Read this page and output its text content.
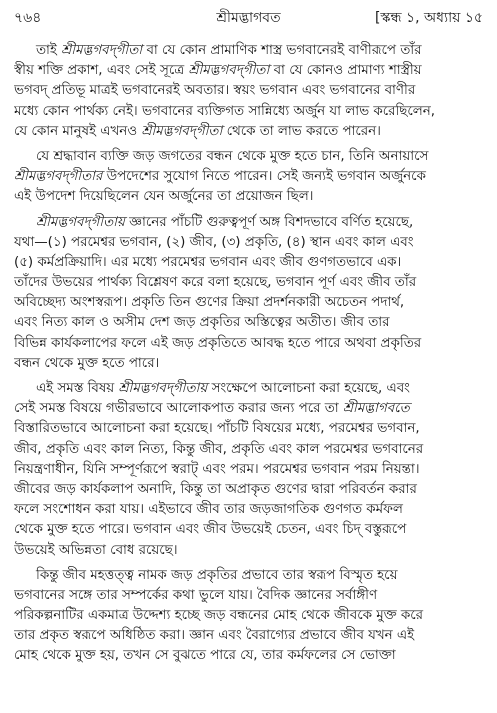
৭৬৪	শ্রীমদ্ভাগবত	[স্কন্ধ ১, অধ্যায় ১৫
তাই শ্রীমদ্ভগবদ্‌গীতা বা যে কোন প্রামাণিক শাস্ত্র ভগবানেরই বাণীরূপে তাঁর
স্বীয় শক্তি প্রকাশ, এবং সেই সূত্রে শ্রীমদ্ভগবদ্‌গীতা বা যে কোনও প্রামাণ্য শাস্ত্রীয়
ভগবদ্‌ প্রতিভূ মাত্রই ভগবানেরই অবতার। স্বয়ং ভগবান এবং ভগবানের বাণীর
মধ্যে কোন পার্থক্য নেই। ভগবানের ব্যক্তিগত সান্নিধ্যে অর্জুন যা লাভ করেছিলেন,
যে কোন মানুষই এখনও শ্রীমদ্ভগবদ্‌গীতা থেকে তা লাভ করতে পারেন।
যে শ্রদ্ধাবান ব্যক্তি জড় জগতের বন্ধন থেকে মুক্ত হতে চান, তিনি অনায়াসে
শ্রীমদ্ভগবদ্‌গীতার উপদেশের সুযোগ নিতে পারেন। সেই জন্যই ভগবান অর্জুনকে
এই উপদেশ দিয়েছিলেন যেন অর্জুনের তা প্রয়োজন ছিল।
শ্রীমদ্ভগবদ্‌গীতায় জ্ঞানের পাঁচটি গুরুত্বপূর্ণ অঙ্গ বিশদভাবে বর্ণিত হয়েছে,
যথা—(১) পরমেশ্বর ভগবান, (২) জীব, (৩) প্রকৃতি, (৪) স্থান এবং কাল এবং
(৫) কর্মপ্রক্রিয়াদি। এর মধ্যে পরমেশ্বর ভগবান এবং জীব গুণগতভাবে এক।
তাঁদের উভয়ের পার্থক্য বিশ্লেষণ করে বলা হয়েছে, ভগবান পূর্ণ এবং জীব তাঁর
অবিচ্ছেদ্য অংশস্বরূপ। প্রকৃতি তিন গুণের ক্রিয়া প্রদর্শনকারী অচেতন পদার্থ,
এবং নিত্য কাল ও অসীম দেশ জড় প্রকৃতির অস্তিত্বের অতীত। জীব তার
বিভিন্ন কার্যকলাপের ফলে এই জড় প্রকৃতিতে আবদ্ধ হতে পারে অথবা প্রকৃতির
বন্ধন থেকে মুক্ত হতে পারে।
এই সমস্ত বিষয় শ্রীমদ্ভগবদ্‌গীতায় সংক্ষেপে আলোচনা করা হয়েছে, এবং
সেই সমস্ত বিষয়ে গভীরভাবে আলোকপাত করার জন্য পরে তা শ্রীমদ্ভাগবতে
বিস্তারিতভাবে আলোচনা করা হয়েছে। পাঁচটি বিষয়ের মধ্যে, পরমেশ্বর ভগবান,
জীব, প্রকৃতি এবং কাল নিত্য, কিন্তু জীব, প্রকৃতি এবং কাল পরমেশ্বর ভগবানের
নিয়ন্ত্রণাধীন, যিনি সম্পূর্ণরূপে স্বরাট্‌ এবং পরম। পরমেশ্বর ভগবান পরম নিয়ন্তা।
জীবের জড় কার্যকলাপ অনাদি, কিন্তু তা অপ্রাকৃত গুণের দ্বারা পরিবর্তন করার
ফলে সংশোধন করা যায়। এইভাবে জীব তার জড়জাগতিক গুণগত কর্মফল
থেকে মুক্ত হতে পারে। ভগবান এবং জীব উভয়েই চেতন, এবং চিদ্‌ বস্তুরূপে
উভয়েই অভিন্নতা বোধ রয়েছে।
কিন্তু জীব মহত্তত্ত্ব নামক জড় প্রকৃতির প্রভাবে তার স্বরূপ বিস্মৃত হয়ে
ভগবানের সঙ্গে তার সম্পর্কের কথা ভুলে যায়। বৈদিক জ্ঞানের সর্বাঙ্গীণ
পরিকল্পনাটির একমাত্র উদ্দেশ্য হচ্ছে জড় বন্ধনের মোহ থেকে জীবকে মুক্ত করে
তার প্রকৃত স্বরূপে অধিষ্ঠিত করা। জ্ঞান এবং বৈরাগ্যের প্রভাবে জীব যখন এই
মোহ থেকে মুক্ত হয়, তখন সে বুঝতে পারে যে, তার কর্মফলের সে ভোক্তা
